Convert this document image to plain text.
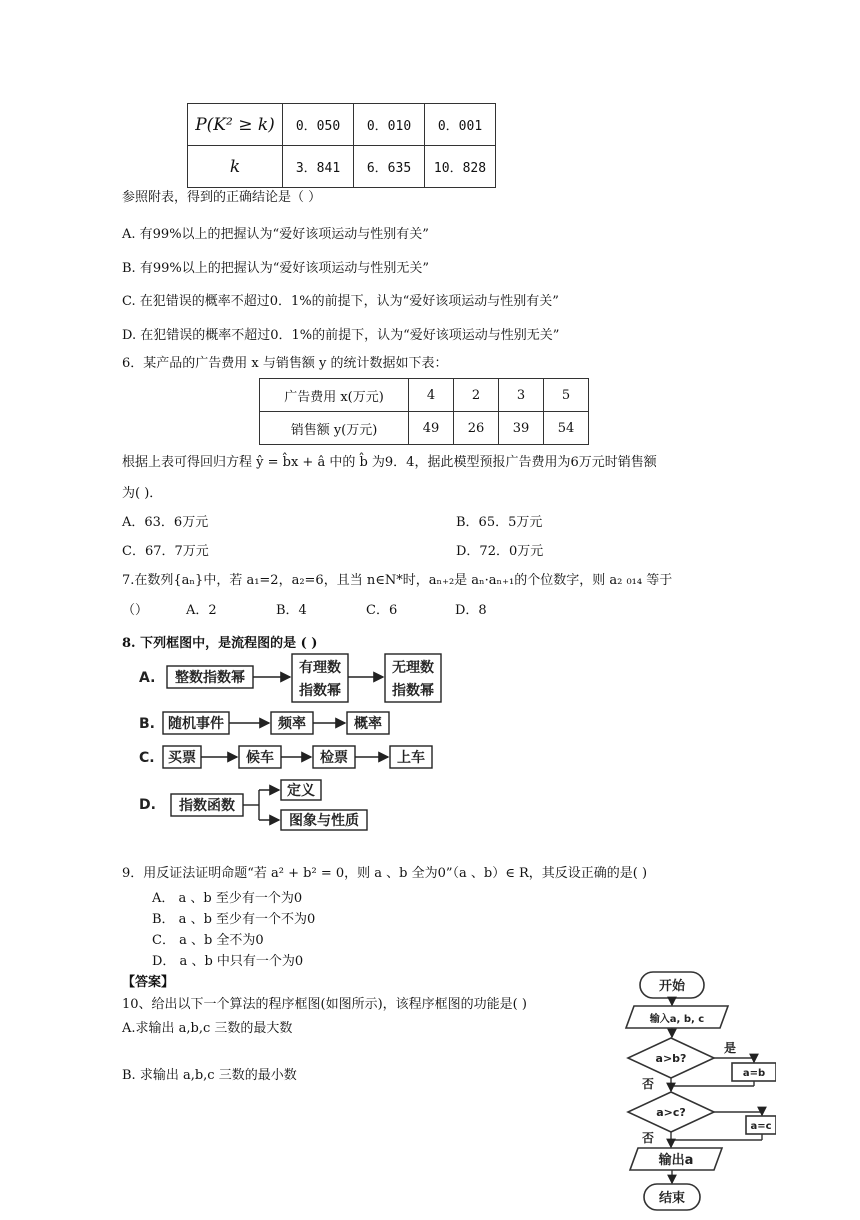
P(K² ≥ k)	0．050	0．010	0．001
k	3．841	6．635	10．828
参照附表，得到的正确结论是（ ）
A. 有99%以上的把握认为“爱好该项运动与性别有关”
B. 有99%以上的把握认为“爱好该项运动与性别无关”
C. 在犯错误的概率不超过0．1%的前提下，认为“爱好该项运动与性别有关”
D. 在犯错误的概率不超过0．1%的前提下，认为“爱好该项运动与性别无关”
6．某产品的广告费用 x 与销售额 y 的统计数据如下表：
广告费用 x(万元)	4	2	3	5
销售额 y(万元)	49	26	39	54
根据上表可得回归方程 ŷ = b̂x + â 中的 b̂ 为9．4，据此模型预报广告费用为6万元时销售额
为( )．
A．63．6万元	B．65．5万元
C．67．7万元	D．72．0万元
7.在数列{aₙ}中，若 a₁=2，a₂=6，且当 n∈N*时，aₙ₊₂是 aₙ·aₙ₊₁的个位数字，则 a₂ ₀₁₄ 等于
（）	A．2	B．4	C．6	D．8
8. 下列框图中，是流程图的是 ( )
A. 整数指数幂
有理数
指数幂
无理数
指数幂
B. 随机事件	频率	概率
C. 买票	候车	检票	上车
D. 指数函数
定义
图象与性质
9．用反证法证明命题“若 a² + b² = 0，则 a 、b 全为0”（a 、b）∈ R，其反设正确的是( )
A． a 、b 至少有一个为0
B． a 、b 至少有一个不为0
C． a 、b 全不为0
D． a 、b 中只有一个为0
【答案】
10、给出以下一个算法的程序框图(如图所示)，该程序框图的功能是( )
A.求输出 a,b,c 三数的最大数
B. 求输出 a,b,c 三数的最小数
开始
输入a, b, c
a>b?
是
a=b
否
a>c?
a=c
否
输出a
结束
